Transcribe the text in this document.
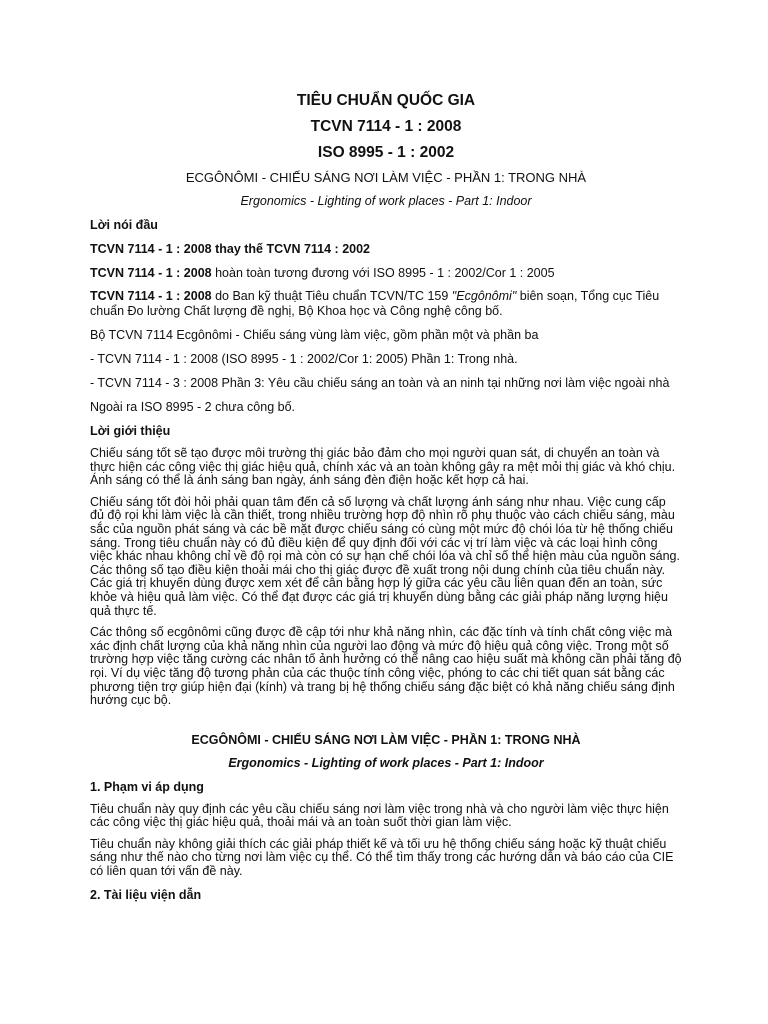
TIÊU CHUẨN QUỐC GIA
TCVN 7114 - 1 : 2008
ISO 8995 - 1 : 2002
ECGÔNÔMI - CHIẾU SÁNG NƠI LÀM VIỆC - PHẦN 1: TRONG NHÀ
Ergonomics - Lighting of work places - Part 1: Indoor
Lời nói đầu

TCVN 7114 - 1 : 2008 thay thế TCVN 7114 : 2002

TCVN 7114 - 1 : 2008 hoàn toàn tương đương với ISO 8995 - 1 : 2002/Cor 1 : 2005

TCVN 7114 - 1 : 2008 do Ban kỹ thuật Tiêu chuẩn TCVN/TC 159 "Ecgônômi" biên soạn, Tổng cục Tiêu chuẩn Đo lường Chất lượng đề nghị, Bộ Khoa học và Công nghệ công bố.

Bộ TCVN 7114 Ecgônômi - Chiếu sáng vùng làm việc, gồm phần một và phần ba

- TCVN 7114 - 1 : 2008 (ISO 8995 - 1 : 2002/Cor 1: 2005) Phần 1: Trong nhà.

- TCVN 7114 - 3 : 2008 Phần 3: Yêu cầu chiếu sáng an toàn và an ninh tại những nơi làm việc ngoài nhà

Ngoài ra ISO 8995 - 2 chưa công bố.

Lời giới thiệu

Chiếu sáng tốt sẽ tạo được môi trường thị giác bảo đảm cho mọi người quan sát, di chuyển an toàn và thực hiện các công việc thị giác hiệu quả, chính xác và an toàn không gây ra mệt mỏi thị giác và khó chịu. Ánh sáng có thể là ánh sáng ban ngày, ánh sáng đèn điện hoặc kết hợp cả hai.

Chiếu sáng tốt đòi hỏi phải quan tâm đến cả số lượng và chất lượng ánh sáng như nhau. Việc cung cấp đủ độ rọi khi làm việc là cần thiết, trong nhiều trường hợp độ nhìn rõ phụ thuộc vào cách chiếu sáng, màu sắc của nguồn phát sáng và các bề mặt được chiếu sáng có cùng một mức độ chói lóa từ hệ thống chiếu sáng. Trong tiêu chuẩn này có đủ điều kiện để quy định đối với các vị trí làm việc và các loại hình công việc khác nhau không chỉ về độ rọi mà còn có sự hạn chế chói lóa và chỉ số thể hiện màu của nguồn sáng. Các thông số tạo điều kiện thoải mái cho thị giác được đề xuất trong nội dung chính của tiêu chuẩn này. Các giá trị khuyến dùng được xem xét để cân bằng hợp lý giữa các yêu cầu liên quan đến an toàn, sức khỏe và hiệu quả làm việc. Có thể đạt được các giá trị khuyến dùng bằng các giải pháp năng lượng hiệu quả thực tế.

Các thông số ecgônômi cũng được đề cập tới như khả năng nhìn, các đặc tính và tính chất công việc mà xác định chất lượng của khả năng nhìn của người lao động và mức độ hiệu quả công việc. Trong một số trường hợp việc tăng cường các nhân tố ảnh hưởng có thể nâng cao hiệu suất mà không cần phải tăng độ rọi. Ví dụ việc tăng độ tương phản của các thuộc tính công việc, phóng to các chi tiết quan sát bằng các phương tiện trợ giúp hiện đại (kính) và trang bị hệ thống chiếu sáng đặc biệt có khả năng chiếu sáng định hướng cục bộ.

ECGÔNÔMI - CHIẾU SÁNG NƠI LÀM VIỆC - PHẦN 1: TRONG NHÀ
Ergonomics - Lighting of work places - Part 1: Indoor
1. Phạm vi áp dụng

Tiêu chuẩn này quy định các yêu cầu chiếu sáng nơi làm việc trong nhà và cho người làm việc thực hiện các công việc thị giác hiệu quả, thoải mái và an toàn suốt thời gian làm việc.

Tiêu chuẩn này không giải thích các giải pháp thiết kế và tối ưu hệ thống chiếu sáng hoặc kỹ thuật chiếu sáng như thế nào cho từng nơi làm việc cụ thể. Có thể tìm thấy trong các hướng dẫn và báo cáo của CIE có liên quan tới vấn đề này.

2. Tài liệu viện dẫn
